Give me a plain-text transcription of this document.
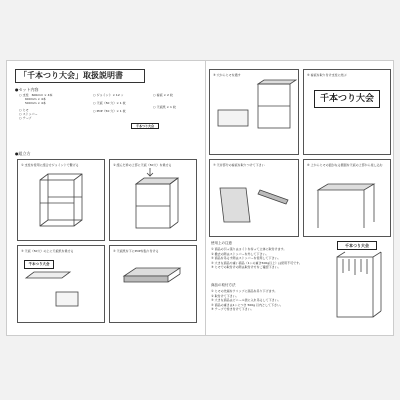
「千本つり大会」取扱説明書
●セット内容
○ 支柱　600mm × 4本
　　600mm × 4本
　　500mm × 4本
○ ヒモ
○ ストッパー
○ テープ
○ ジョイント × 12 ヶ
○ 天板（50 穴）× 1 枚
○ POP（50 穴）× 1 枚
○ 看板 × 2 枚
○ 天板紙 × 1 枚
千本つり大会
●組立方
① 支柱を使用に組合せジョイントで繋げる	② 組んだ枠の上部に天板（50穴）を乗せる
③ 天板（50穴）の上に天板紙を乗せる
千本つり大会
④ 天板紙を下にPOPを貼り付ける
⑤ 穴からヒモを通す	⑥ 看板を取り付け支柱に結ぶ
千本つり大会
⑦ 天井部分の看板を取りつけて下さい	⑧ 上からヒモの面がなる範囲を天板の上部から差し込む
使用上の注意
① 商品の引っ張りはヨイトを持って立体に取付けます。
② 撤去の際はストッパーを外して下さい。
③ 商品を吊るす際はストッパーを使用して下さい。
④ 大きな商品や重い商品（1ヶの重さ500g以上）は使用不可です。
⑤ ヒモでの取付けの際は取付け方をご確認下さい。
商品の取付方法
① ヒモの先端をクリップに商品を吊り下げます。
② 取付けて下さい。
③ 大きな商品はビニール袋に入れ吊るして下さい。
④ 商品の重さは1ヶにつき 500g 以内として下さい。
⑤ テープで巻き付けて下さい。
千本つり大会
